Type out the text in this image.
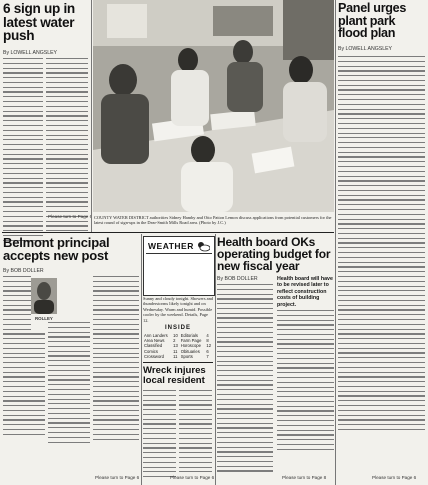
6 sign up in latest water push
By LOWELL ANGSLEY
Please turn to Page 6 COUNTY WATER DISTRICT authorities Sidney Hamby and Otto Patton Lemon discuss applications from potential customers for the latest round of sign-ups in the Dear-Smith Mills Road area. (Photo by J.C.)
Panel urges plant park flood plan
By LOWELL ANGSLEY
Please turn to Page 6
Belmont principal accepts new post
By BOB DOLLER
ROLLEY
Please turn to Page 6
WEATHER
Sunny and cloudy tonight. Showers and thunderstorms likely tonight and on Wednesday. Warm and humid. Possible cooler by the weekend. Details, Page 12.
INSIDE
Ann Landers	10	Editorials	4
Area News	2	Farm Page	8
Classified	13	Horoscope	12
Comics	11	Obituaries	6
Crossword	11	Sports	7
Wreck injures local resident
Please turn to Page 6
Health board OKs operating budget for new fiscal year
By BOB DOLLER	Health board will have to be revised later to reflect construction costs of building project.
Please turn to Page 8
